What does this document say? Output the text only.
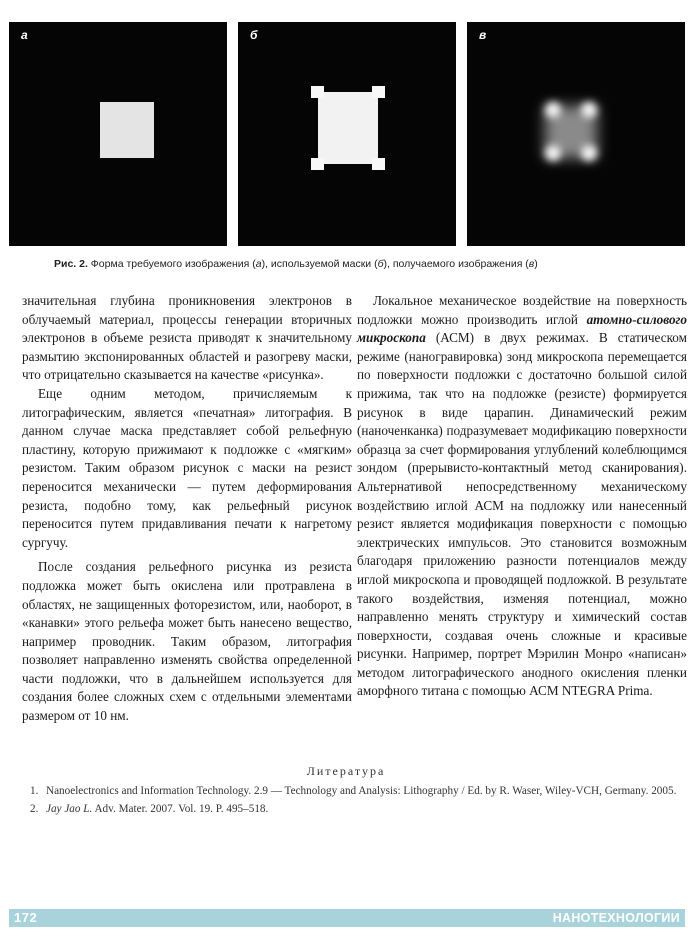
а	б	в
Рис. 2. Форма требуемого изображения (а), используемой маски (б), получаемого изображения (в)

значительная глубина проникновения электронов в облучаемый материал, процессы генерации вторичных электронов в объеме резиста приводят к значительному размытию экспонированных областей и разогреву маски, что отрицательно сказывается на качестве «рисунка».

Еще одним методом, причисляемым к литографическим, является «печатная» литография. В данном случае маска представляет собой рельефную пластину, которую прижимают к подложке с «мягким» резистом. Таким образом рисунок с маски на резист переносится механически — путем деформирования резиста, подобно тому, как рельефный рисунок переносится путем придавливания печати к нагретому сургучу.

После создания рельефного рисунка из резиста подложка может быть окислена или протравлена в областях, не защищенных фоторезистом, или, наоборот, в «канавки» этого рельефа может быть нанесено вещество, например проводник. Таким образом, литография позволяет направленно изменять свойства определенной части подложки, что в дальнейшем используется для создания более сложных схем с отдельными элементами размером от 10 нм.

Локальное механическое воздействие на поверхность подложки можно производить иглой атомно-силового микроскопа (АСМ) в двух режимах. В статическом режиме (наногравировка) зонд микроскопа перемещается по поверхности подложки с достаточно большой силой прижима, так что на подложке (резисте) формируется рисунок в виде царапин. Динамический режим (наноченканка) подразумевает модификацию поверхности образца за счет формирования углублений колеблющимся зондом (прерывисто-контактный метод сканирования). Альтернативой непосредственному механическому воздействию иглой АСМ на подложку или нанесенный резист является модификация поверхности с помощью электрических импульсов. Это становится возможным благодаря приложению разности потенциалов между иглой микроскопа и проводящей подложкой. В результате такого воздействия, изменяя потенциал, можно направленно менять структуру и химический состав поверхности, создавая очень сложные и красивые рисунки. Например, портрет Мэрилин Монро «написан» методом литографического анодного окисления пленки аморфного титана с помощью АСМ NTEGRA Prima.

Литература
1. Nanoelectronics and Information Technology. 2.9 — Technology and Analysis: Lithography / Ed. by R. Waser, Wiley-VCH, Germany. 2005.
2. Jay Jao L. Adv. Mater. 2007. Vol. 19. P. 495–518.
172	НАНОТЕХНОЛОГИИ
